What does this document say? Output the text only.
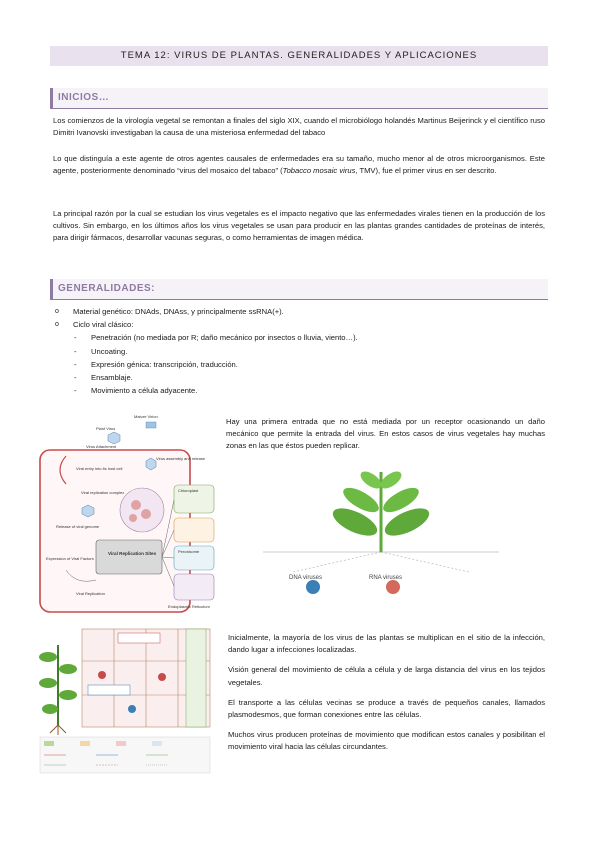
TEMA 12: VIRUS DE PLANTAS. GENERALIDADES Y APLICACIONES
INICIOS…
Los comienzos de la virología vegetal se remontan a finales del siglo XIX, cuando el microbiólogo holandés Martinus Beijerinck y el científico ruso Dimitri Ivanovski investigaban la causa de una misteriosa enfermedad del tabaco
Lo que distinguía a este agente de otros agentes causales de enfermedades era su tamaño, mucho menor al de otros microorganismos. Este agente, posteriormente denominado “virus del mosaico del tabaco” (Tobacco mosaic virus, TMV), fue el primer virus en ser descrito.
La principal razón por la cual se estudian los virus vegetales es el impacto negativo que las enfermedades virales tienen en la producción de los cultivos. Sin embargo, en los últimos años los virus vegetales se usan para producir en las plantas grandes cantidades de proteínas de interés, para dirigir fármacos, desarrollar vacunas seguras, o como herramientas de imagen médica.
GENERALIDADES:
o Material genético: DNAds, DNAss, y principalmente ssRNA(+).
o Ciclo viral clásico:
- Penetración (no mediada por R; daño mecánico por insectos o lluvia, viento…).
- Uncoating.
- Expresión génica: transcripción, traducción.
- Ensamblaje.
- Movimiento a célula adyacente.
Mature Virion
Plant Virus
Virus Attachment
Viral entry into its host cell
Virus assembly and release
Viral replication complex
Release of viral genome
Chloroplast
Peroxisome
Endoplasmic Reticulum
Viral Replication Sites
Expression of Viral Factors
Viral Replication
Hay una primera entrada que no está mediada por un receptor ocasionando un daño mecánico que permite la entrada del virus. En estos casos de virus vegetales hay muchas zonas en las que éstos pueden replicar.
DNA viruses	RNA viruses
Inicialmente, la mayoría de los virus de las plantas se multiplican en el sitio de la infección, dando lugar a infecciones localizadas.
Visión general del movimiento de célula a célula y de larga distancia del virus en los tejidos vegetales.
El transporte a las células vecinas se produce a través de pequeños canales, llamados plasmodesmos, que forman conexiones entre las células.
Muchos virus producen proteínas de movimiento que modifican estos canales y posibilitan el movimiento viral hacia las células circundantes.
